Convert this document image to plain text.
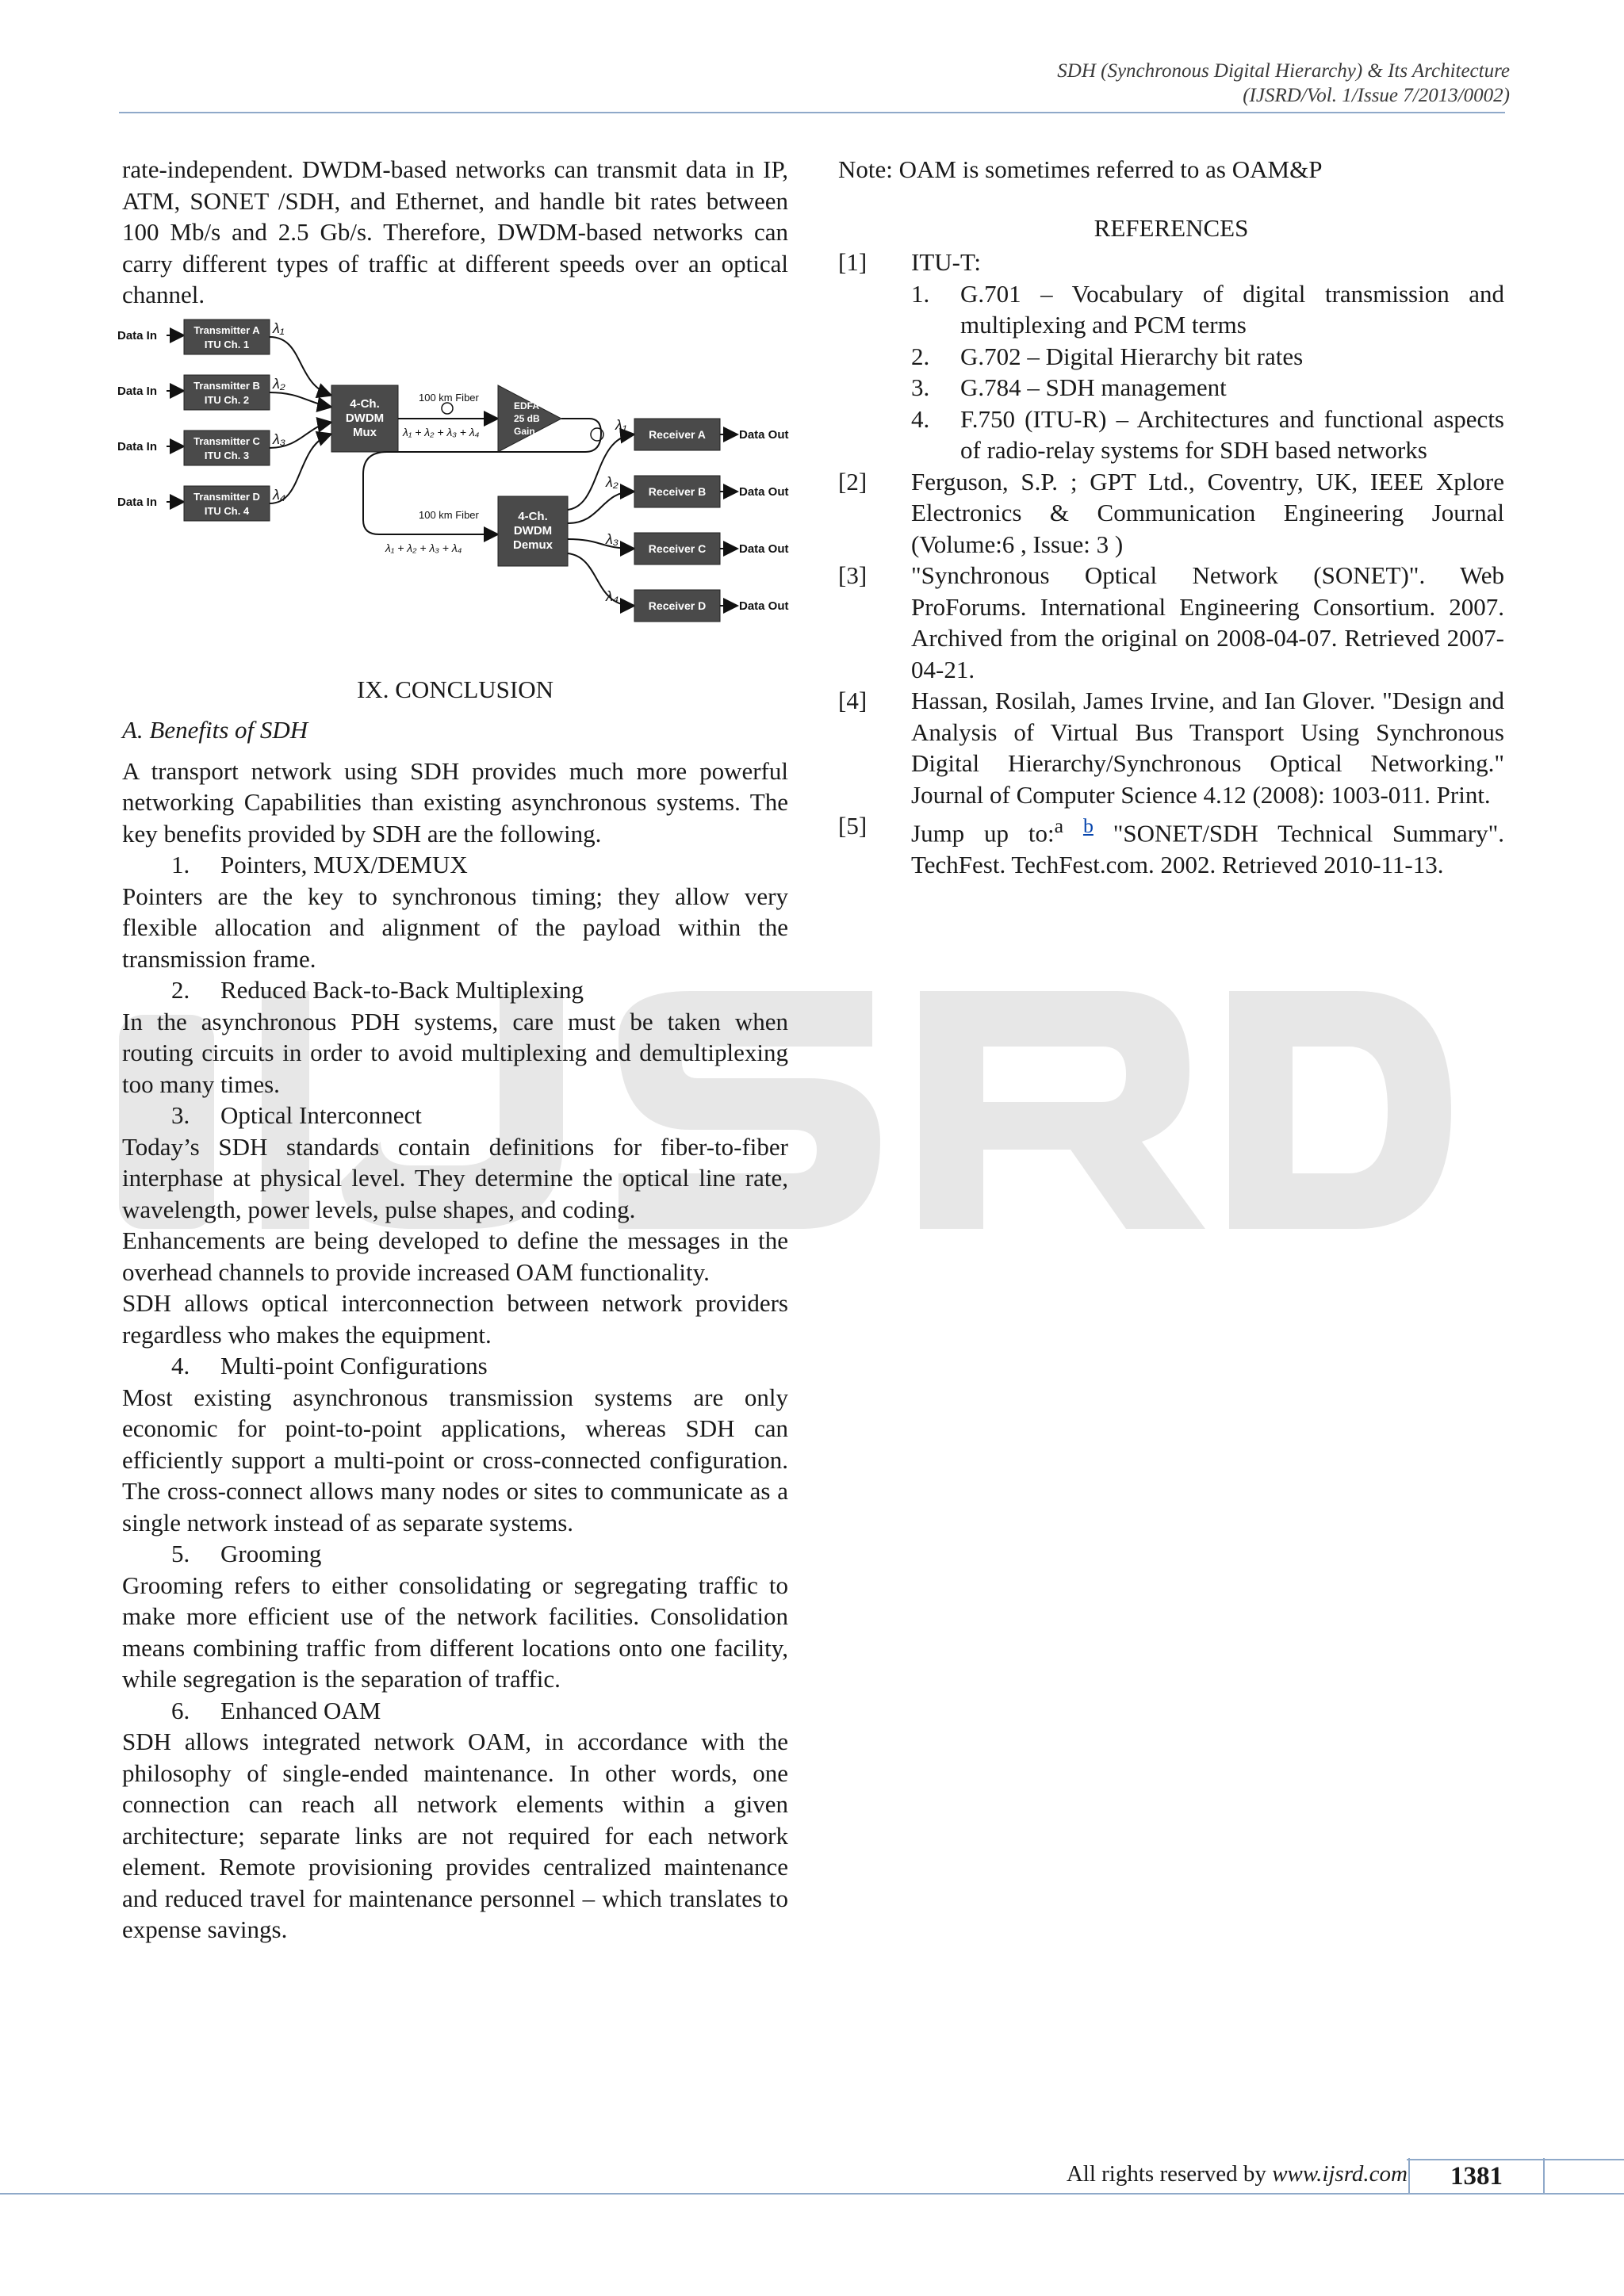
SDH (Synchronous Digital Hierarchy) & Its Architecture
(IJSRD/Vol. 1/Issue 7/2013/0002)

rate-independent. DWDM-based networks can transmit data in IP, ATM, SONET /SDH, and Ethernet, and handle bit rates between 100 Mb/s and 2.5 Gb/s. Therefore, DWDM-based networks can carry different types of traffic at different speeds over an optical channel.

Data In
Data In
Data In
Data In
Transmitter A
ITU Ch. 1
Transmitter B
ITU Ch. 2
Transmitter C
ITU Ch. 3
Transmitter D
ITU Ch. 4
λ₁
λ₂
λ₃
λ₄
4-Ch.
DWDM
Mux
100 km Fiber
λ₁ + λ₂ + λ₃ + λ₄
EDFA
25 dB
Gain
100 km Fiber
λ₁ + λ₂ + λ₃ + λ₄
4-Ch.
DWDM
Demux
λ₁
λ₂
λ₃
λ₄
Receiver A
Receiver B
Receiver C
Receiver D
Data Out
Data Out
Data Out
Data Out
IX. CONCLUSION
A. Benefits of SDH

A transport network using SDH provides much more powerful networking Capabilities than existing asynchronous systems. The key benefits provided by SDH are the following.

1. Pointers, MUX/DEMUX

Pointers are the key to synchronous timing; they allow very flexible allocation and alignment of the payload within the transmission frame.

2. Reduced Back-to-Back Multiplexing

In the asynchronous PDH systems, care must be taken when routing circuits in order to avoid multiplexing and demultiplexing too many times.

3. Optical Interconnect

Today’s SDH standards contain definitions for fiber-to-fiber interphase at physical level. They determine the optical line rate, wavelength, power levels, pulse shapes, and coding.

Enhancements are being developed to define the messages in the overhead channels to provide increased OAM functionality.

SDH allows optical interconnection between network providers regardless who makes the equipment.

4. Multi-point Configurations

Most existing asynchronous transmission systems are only economic for point-to-point applications, whereas SDH can efficiently support a multi-point or cross-connected configuration. The cross-connect allows many nodes or sites to communicate as a single network instead of as separate systems.

5. Grooming

Grooming refers to either consolidating or segregating traffic to make more efficient use of the network facilities. Consolidation means combining traffic from different locations onto one facility, while segregation is the separation of traffic.

6. Enhanced OAM

SDH allows integrated network OAM, in accordance with the philosophy of single-ended maintenance. In other words, one connection can reach all network elements within a given architecture; separate links are not required for each network element. Remote provisioning provides centralized maintenance and reduced travel for maintenance personnel – which translates to expense savings.

Note: OAM is sometimes referred to as OAM&P

REFERENCES
[1]	ITU-T:
1.	G.701 – Vocabulary of digital transmission and multiplexing and PCM terms
2.	G.702 – Digital Hierarchy bit rates
3.	G.784 – SDH management
4.	F.750 (ITU-R) – Architectures and functional aspects of radio-relay systems for SDH based networks
[2]	Ferguson, S.P. ; GPT Ltd., Coventry, UK, IEEE Xplore Electronics & Communication Engineering Journal (Volume:6 , Issue: 3 )
[3]	"Synchronous Optical Network (SONET)". Web ProForums. International Engineering Consortium. 2007. Archived from the original on 2008-04-07. Retrieved 2007-04-21.
[4]	Hassan, Rosilah, James Irvine, and Ian Glover. "Design and Analysis of Virtual Bus Transport Using Synchronous Digital Hierarchy/Synchronous Optical Networking." Journal of Computer Science 4.12 (2008): 1003-011. Print.
[5]	Jump up to:$^a$ $^b$ "SONET/SDH Technical Summary". TechFest. TechFest.com. 2002. Retrieved 2010-11-13.
All rights reserved by www.ijsrd.com	1381
